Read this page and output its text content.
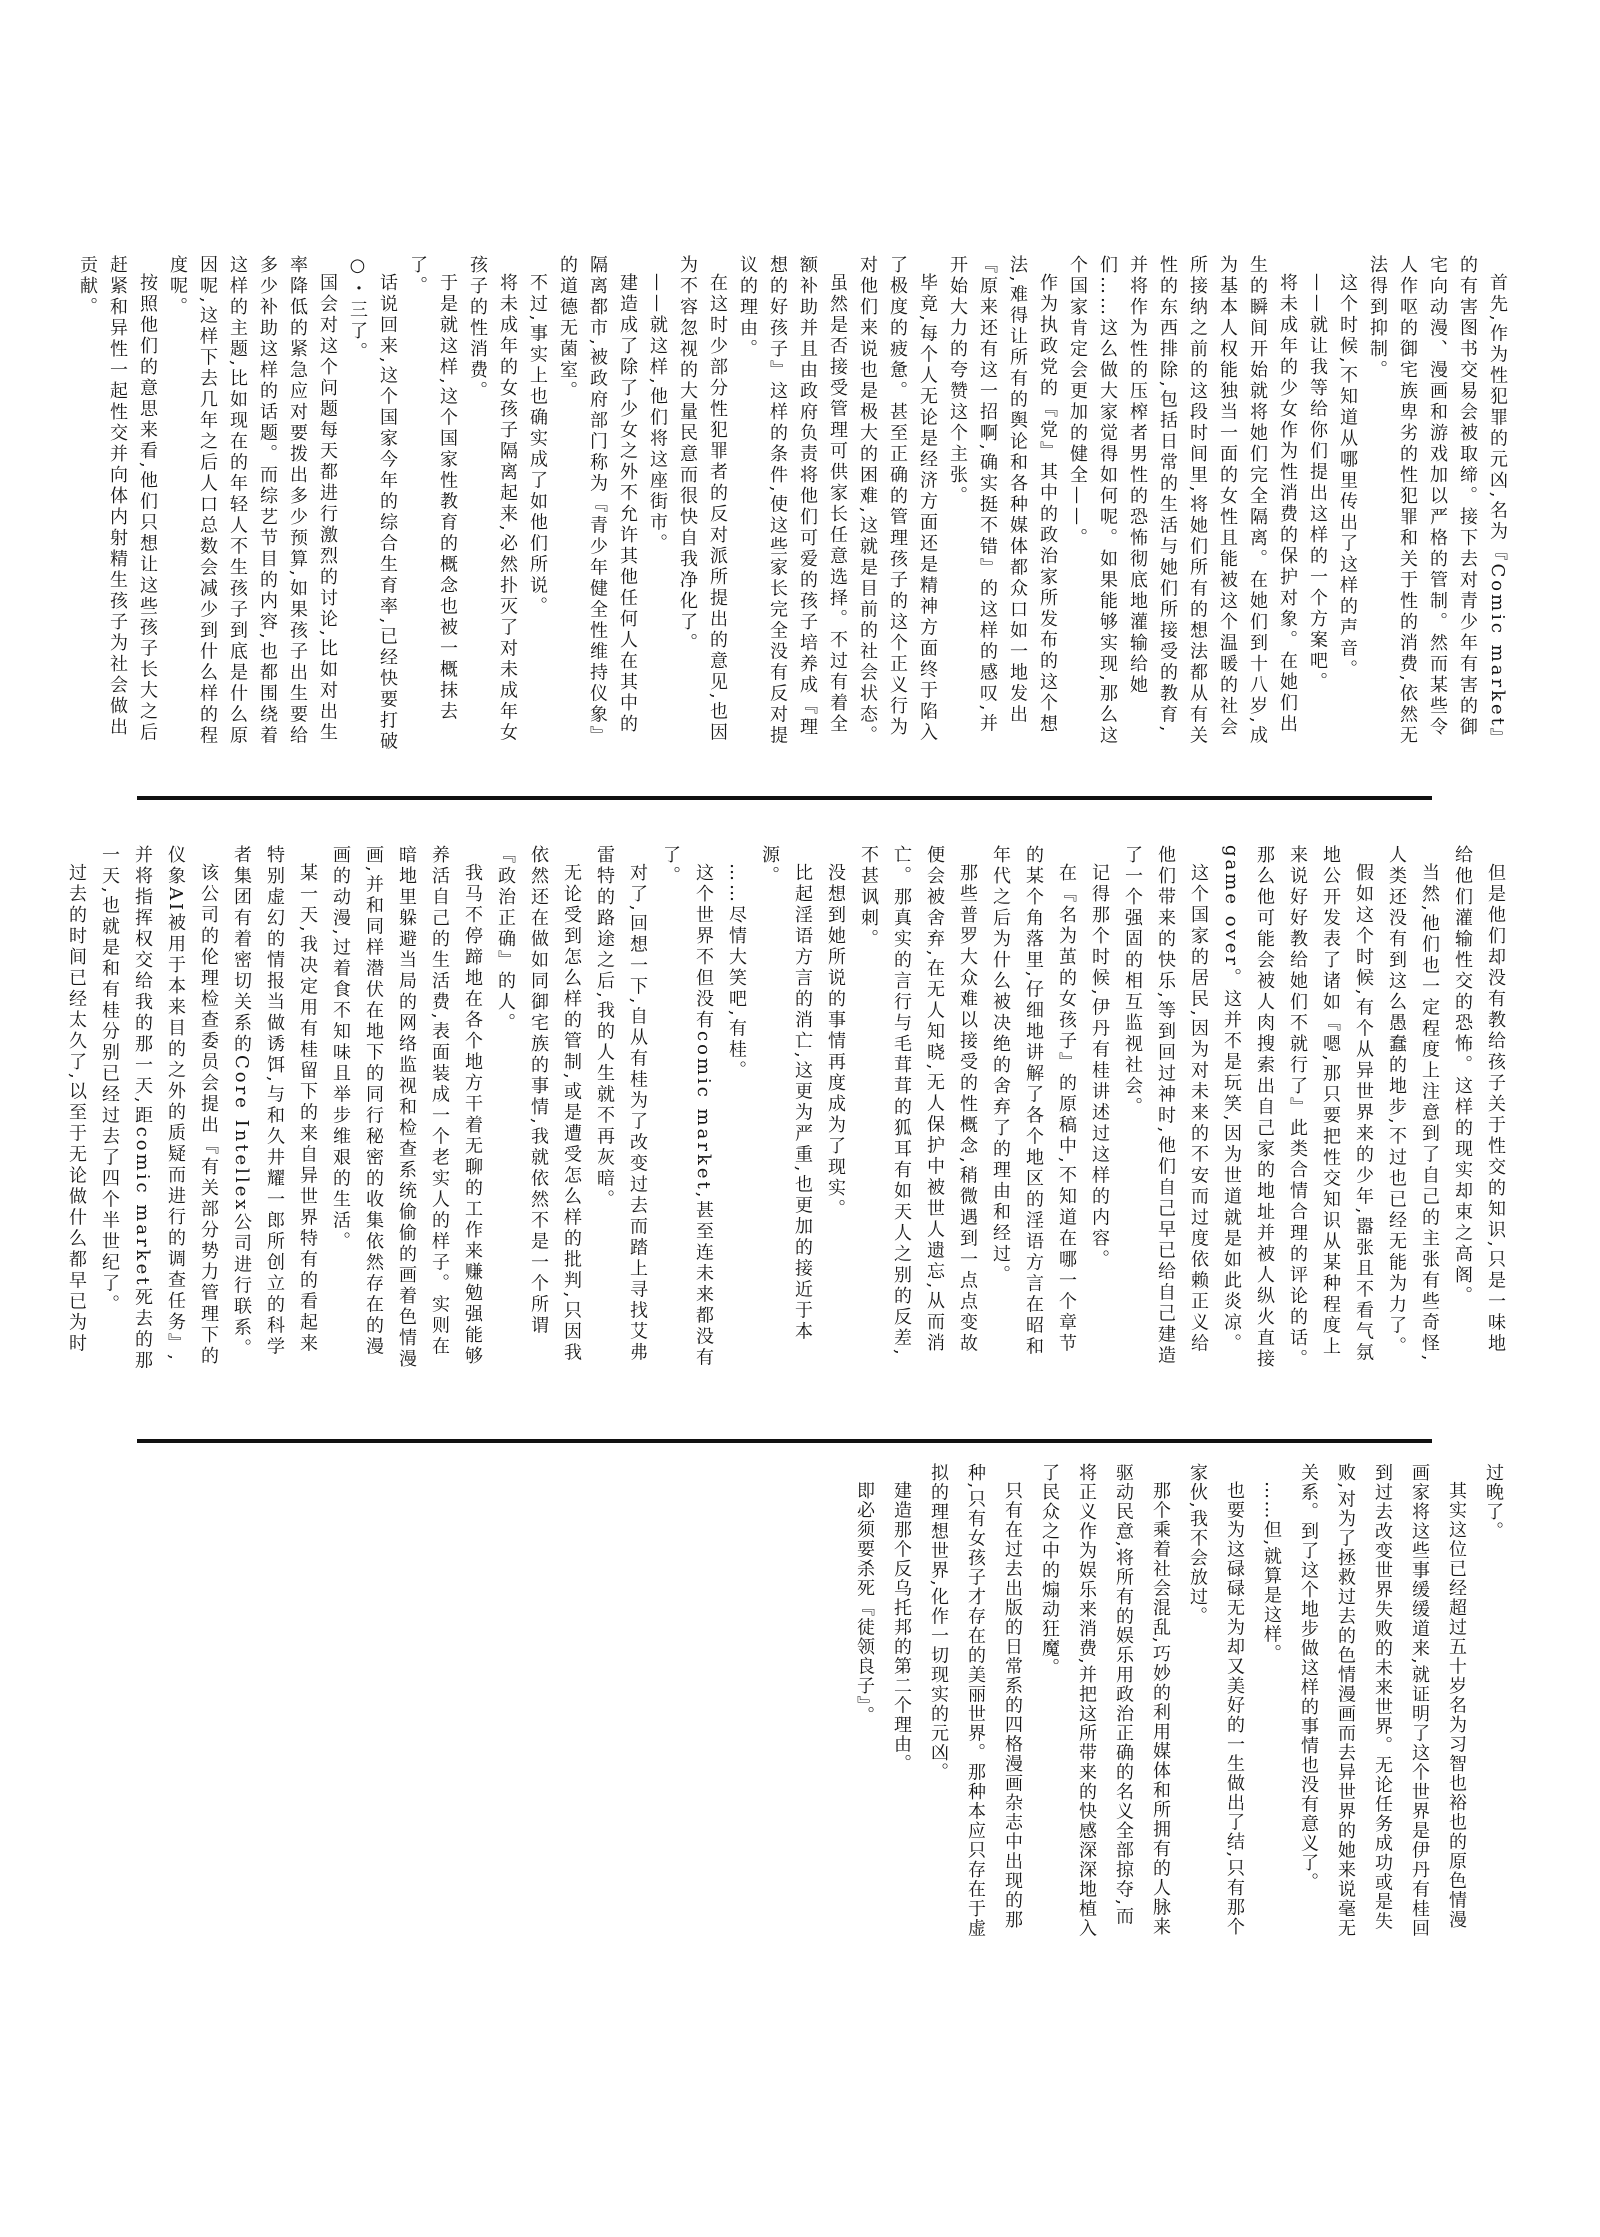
首先,作为性犯罪的元凶,名为『Comic market』的有害图书交易会被取缔。接下去对青少年有害的御宅向动漫、漫画和游戏加以严格的管制。然而某些令人作呕的御宅族卑劣的性犯罪和关于性的消费,依然无法得到抑制。

这个时候,不知道从哪里传出了这样的声音。

——就让我等给你们提出这样的一个方案吧。

将未成年的少女作为性消费的保护对象。在她们出生的瞬间开始就将她们完全隔离。在她们到十八岁,成为基本人权能独当一面的女性且能被这个温暖的社会所接纳之前的这段时间里,将她们所有的想法都从有关性的东西排除,包括日常的生活与她们所接受的教育,并将作为性的压榨者男性的恐怖彻底地灌输给她们……这么做大家觉得如何呢。如果能够实现,那么这个国家肯定会更加的健全——。

作为执政党的『党』其中的政治家所发布的这个想法,难得让所有的舆论和各种媒体都众口如一地发出『原来还有这一招啊,确实挺不错』的这样的感叹,并开始大力的夸赞这个主张。

毕竟,每个人无论是经济方面还是精神方面终于陷入了极度的疲惫。甚至正确的管理孩子的这个正义行为对他们来说也是极大的困难,这就是目前的社会状态。

虽然是否接受管理可供家长任意选择。不过有着全额补助并且由政府负责将他们可爱的孩子培养成『理想的好孩子』这样的条件,使这些家长完全没有反对提议的理由。

在这时少部分性犯罪者的反对派所提出的意见,也因为不容忽视的大量民意而很快自我净化了。

——就这样,他们将这座街市。

建造成了除了少女之外不允许其他任何人在其中的隔离都市,被政府部门称为『青少年健全性维持仪象』的道德无菌室。

不过,事实上也确实成了如他们所说。

将未成年的女孩子隔离起来,必然扑灭了对未成年女孩子的性消费。

于是就这样,这个国家性教育的概念也被一概抹去了。

话说回来,这个国家今年的综合生育率,已经快要打破○・三了。

国会对这个问题每天都进行激烈的讨论,比如对出生率降低的紧急应对要拨出多少预算,如果孩子出生要给多少补助这样的话题。而综艺节目的内容,也都围绕着这样的主题,比如现在的年轻人不生孩子到底是什么原因呢,这样下去几年之后人口总数会减少到什么样的程度呢。

按照他们的意思来看,他们只想让这些孩子长大之后赶紧和异性一起性交并向体内射精生孩子为社会做出贡献。

但是他们却没有教给孩子关于性交的知识,只是一味地给他们灌输性交的恐怖。这样的现实却束之高阁。

当然,他们也一定程度上注意到了自己的主张有些奇怪,人类还没有到这么愚蠢的地步,不过也已经无能为力了。

假如这个时候,有个从异世界来的少年,嚣张且不看气氛地公开发表了诸如『嗯,那只要把性交知识从某种程度上来说好好教给她们不就行了』此类合情合理的评论的话。那么他可能会被人肉搜索出自己家的地址并被人纵火直接game over。这并不是玩笑,因为世道就是如此炎凉。

这个国家的居民,因为对未来的不安而过度依赖正义给他们带来的快乐,等到回过神时,他们自己早已给自己建造了一个强固的相互监视社会。

记得那个时候,伊丹有桂讲述过这样的内容。

在『名为茧的女孩子』的原稿中,不知道在哪一个章节的某个角落里,仔细地讲解了各个地区的淫语方言在昭和年代之后为什么被决绝的舍弃了的理由和经过。

那些普罗大众难以接受的性概念,稍微遇到一点点变故便会被舍弃,在无人知晓,无人保护中被世人遗忘,从而消亡。那真实的言行与毛茸茸的狐耳有如天人之别的反差,不甚讽刺。

没想到她所说的事情再度成为了现实。

比起淫语方言的消亡,这更为严重,也更加的接近于本源。

……尽情大笑吧,有桂。

这个世界不但没有comic market,甚至连未来都没有了。

对了,回想一下,自从有桂为了改变过去而踏上寻找艾弗雷特的路途之后,我的人生就不再灰暗。

无论受到怎么样的管制,或是遭受怎么样的批判,只因我依然还在做如同御宅族的事情,我就依然不是一个所谓『政治正确』的人。

我马不停蹄地在各个地方干着无聊的工作来赚勉强能够养活自己的生活费,表面装成一个老实人的样子。实则在暗地里躲避当局的网络监视和检查系统偷偷的画着色情漫画,并和同样潜伏在地下的同行秘密的收集依然存在的漫画的动漫,过着食不知味且举步维艰的生活。

某一天,我决定用有桂留下的来自异世界特有的看起来特别虚幻的情报当做诱饵,与和久井耀一郎所创立的科学者集团有着密切关系的Core Intellex公司进行联系。

该公司的伦理检查委员会提出『有关部分势力管理下的仪象AI被用于本来目的之外的质疑而进行的调查任务』,并将指挥权交给我的那一天,距comic market死去的那一天,也就是和有桂分别已经过去了四个半世纪了。

过去的时间已经太久了,以至于无论做什么都早已为时

过晚了。

其实这位已经超过五十岁名为习智也裕也的原色情漫画家将这些事缓缓道来,就证明了这个世界是伊丹有桂回到过去改变世界失败的未来世界。无论任务成功或是失败,对为了拯救过去的色情漫画而去异世界的她来说毫无关系。到了这个地步做这样的事情也没有意义了。

……但,就算是这样。

也要为这碌碌无为却又美好的一生做出了结,只有那个家伙,我不会放过。

那个乘着社会混乱,巧妙的利用媒体和所拥有的人脉来驱动民意,将所有的娱乐用政治正确的名义全部掠夺,而将正义作为娱乐来消费,并把这所带来的快感深深地植入了民众之中的煽动狂魔。

只有在过去出版的日常系的四格漫画杂志中出现的那种,只有女孩子才存在的美丽世界。那种本应只存在于虚拟的理想世界,化作一切现实的元凶。

建造那个反乌托邦的第二个理由。

即必须要杀死『徒领良子』。
